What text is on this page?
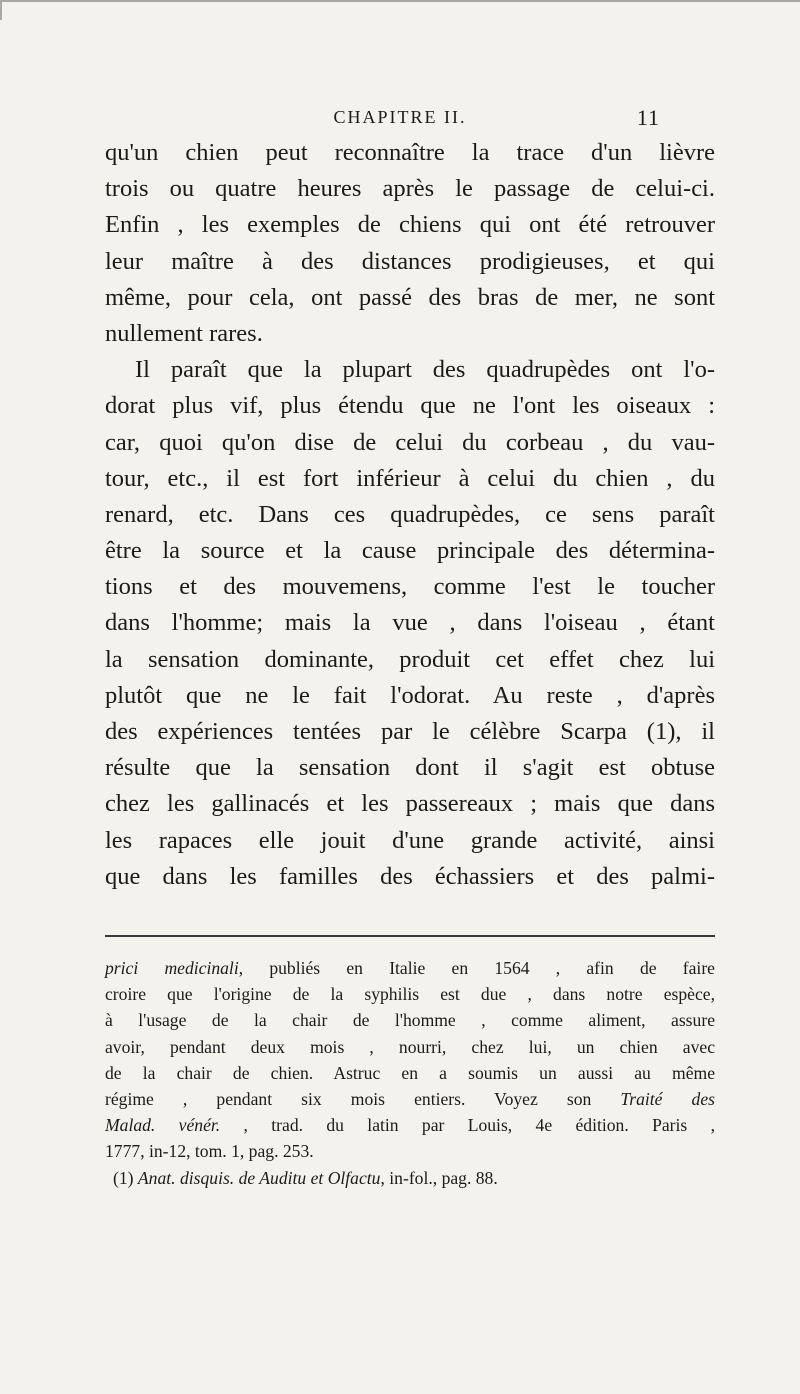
CHAPITRE II.	11
qu'un chien peut reconnaître la trace d'un lièvre
trois ou quatre heures après le passage de celui-ci.
Enfin , les exemples de chiens qui ont été retrouver
leur maître à des distances prodigieuses, et qui
même, pour cela, ont passé des bras de mer, ne sont
nullement rares.
Il paraît que la plupart des quadrupèdes ont l'o-
dorat plus vif, plus étendu que ne l'ont les oiseaux :
car, quoi qu'on dise de celui du corbeau , du vau-
tour, etc., il est fort inférieur à celui du chien , du
renard, etc. Dans ces quadrupèdes, ce sens paraît
être la source et la cause principale des détermina-
tions et des mouvemens, comme l'est le toucher
dans l'homme; mais la vue , dans l'oiseau , étant
la sensation dominante, produit cet effet chez lui
plutôt que ne le fait l'odorat. Au reste , d'après
des expériences tentées par le célèbre Scarpa (1), il
résulte que la sensation dont il s'agit est obtuse
chez les gallinacés et les passereaux ; mais que dans
les rapaces elle jouit d'une grande activité, ainsi
que dans les familles des échassiers et des palmi-
prici medicinali, publiés en Italie en 1564 , afin de faire
croire que l'origine de la syphilis est due , dans notre espèce,
à l'usage de la chair de l'homme , comme aliment, assure
avoir, pendant deux mois , nourri, chez lui, un chien avec
de la chair de chien. Astruc en a soumis un aussi au même
régime , pendant six mois entiers. Voyez son Traité des
Malad. vénér. , trad. du latin par Louis, 4e édition. Paris ,
1777, in-12, tom. 1, pag. 253.
(1) Anat. disquis. de Auditu et Olfactu, in-fol., pag. 88.
